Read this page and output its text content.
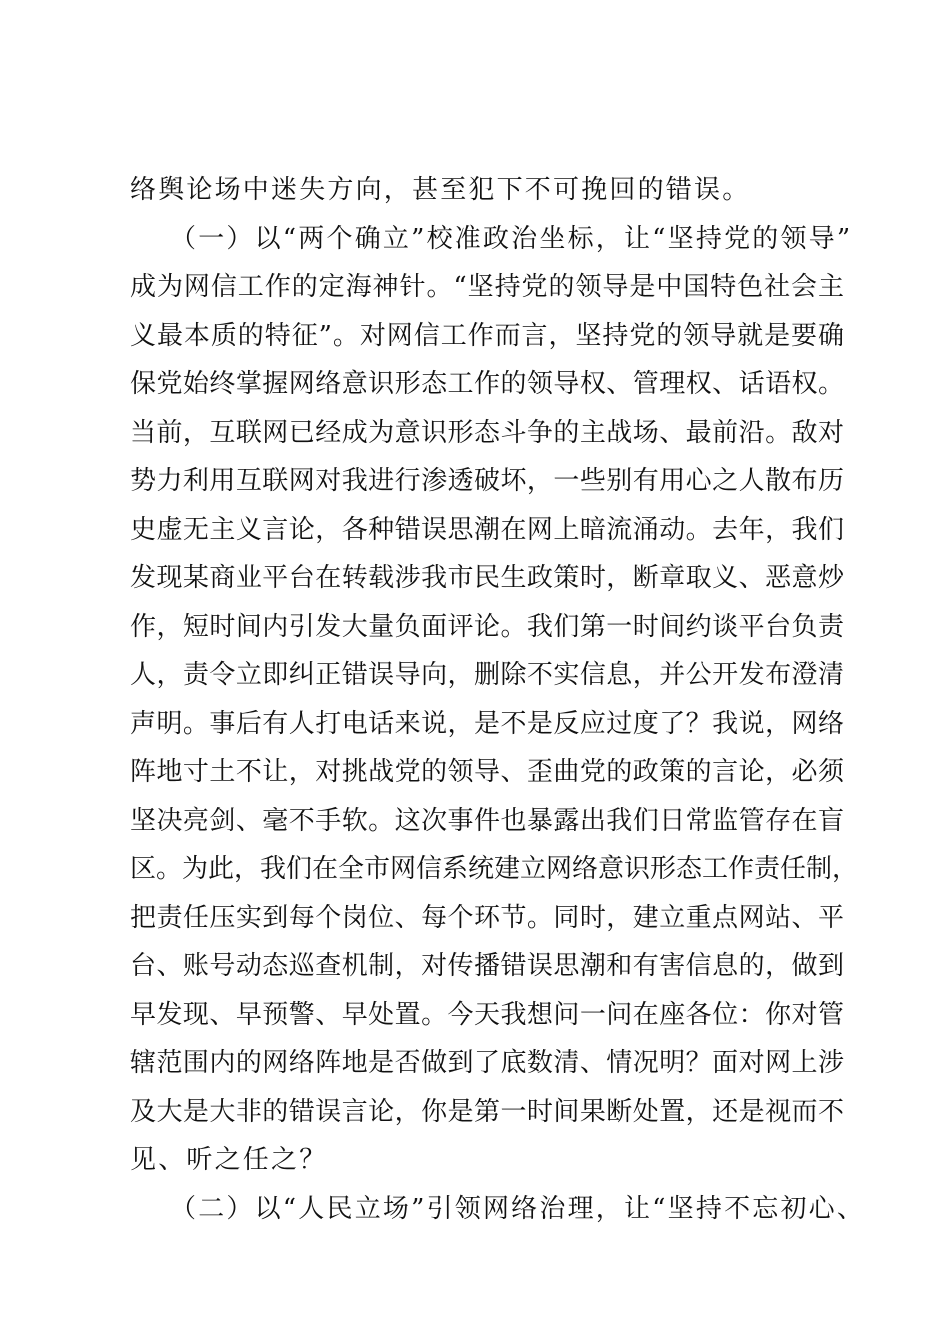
络舆论场中迷失方向，甚至犯下不可挽回的错误。
（一）以“两个确立”校准政治坐标，让“坚持党的领导”
成为网信工作的定海神针。“坚持党的领导是中国特色社会主
义最本质的特征”。对网信工作而言，坚持党的领导就是要确
保党始终掌握网络意识形态工作的领导权、管理权、话语权。
当前，互联网已经成为意识形态斗争的主战场、最前沿。敌对
势力利用互联网对我进行渗透破坏，一些别有用心之人散布历
史虚无主义言论，各种错误思潮在网上暗流涌动。去年，我们
发现某商业平台在转载涉我市民生政策时，断章取义、恶意炒
作，短时间内引发大量负面评论。我们第一时间约谈平台负责
人，责令立即纠正错误导向，删除不实信息，并公开发布澄清
声明。事后有人打电话来说，是不是反应过度了？我说，网络
阵地寸土不让，对挑战党的领导、歪曲党的政策的言论，必须
坚决亮剑、毫不手软。这次事件也暴露出我们日常监管存在盲
区。为此，我们在全市网信系统建立网络意识形态工作责任制，
把责任压实到每个岗位、每个环节。同时，建立重点网站、平
台、账号动态巡查机制，对传播错误思潮和有害信息的，做到
早发现、早预警、早处置。今天我想问一问在座各位：你对管
辖范围内的网络阵地是否做到了底数清、情况明？面对网上涉
及大是大非的错误言论，你是第一时间果断处置，还是视而不
见、听之任之？
（二）以“人民立场”引领网络治理，让“坚持不忘初心、
